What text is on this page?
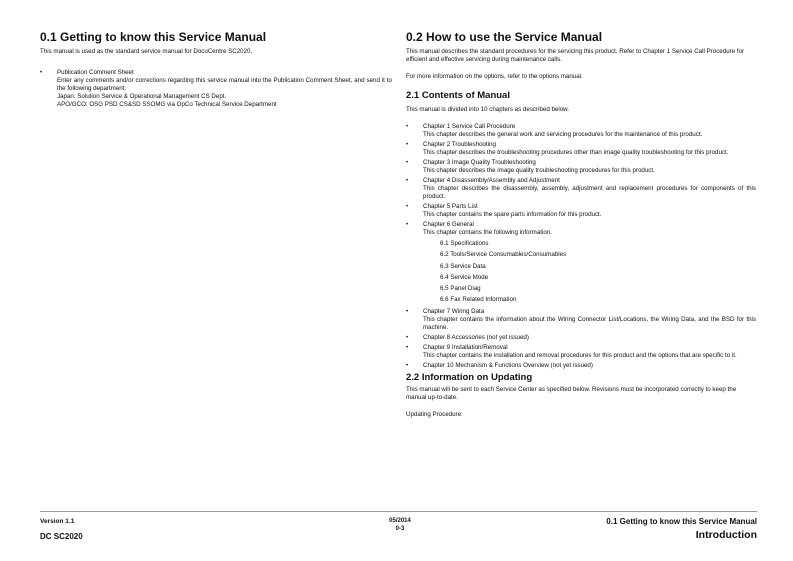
0.1 Getting to know this Service Manual

This manual is used as the standard service manual for DocuCentre SC2020.

• Publication Comment Sheet
Enter any comments and/or corrections regarding this service manual into the Publication Comment Sheet, and send it to the following department.
Japan: Solution Service & Operational Management CS Dept.
APO/GCO: OSG PSD CS&SD SSOMG via OpCo Technical Service Department
0.2 How to use the Service Manual

This manual describes the standard procedures for the servicing this product. Refer to Chapter 1 Service Call Procedure for efficient and effective servicing during maintenance calls.

For more information on the options, refer to the options manual.

2.1 Contents of Manual

This manual is divided into 10 chapters as described below.

• Chapter 1 Service Call Procedure
This chapter describes the general work and servicing procedures for the maintenance of this product.
• Chapter 2 Troubleshooting
This chapter describes the troubleshooting procedures other than image quality troubleshooting for this product.
• Chapter 3 Image Quality Troubleshooting
This chapter describes the image quality troubleshooting procedures for this product.
• Chapter 4 Disassembly/Assembly and Adjustment
This chapter describes the disassembly, assembly, adjustment and replacement procedures for components of this product.
• Chapter 5 Parts List
This chapter contains the spare parts information for this product.
• Chapter 6 General
This chapter contains the following information.
6.1 Specifications
6.2 Tools/Service Consumables/Consumables
6.3 Service Data
6.4 Service Mode
6.5 Panel Diag
6.6 Fax Related Information
• Chapter 7 Wiring Data
This chapter contains the information about the Wiring Connector List/Locations, the Wiring Data, and the BSD for this machine.
• Chapter 8 Accessories (not yet issued)
• Chapter 9 Installation/Removal
This chapter contains the installation and removal procedures for this product and the options that are specific to it.
• Chapter 10 Mechanism & Functions Overview (not yet issued)
2.2 Information on Updating

This manual will be sent to each Service Center as specified below. Revisions must be incorporated correctly to keep the manual up-to-date.

Updating Procedure:

Version 1.1
DC SC2020
05/2014
0-3
0.1 Getting to know this Service Manual
Introduction
